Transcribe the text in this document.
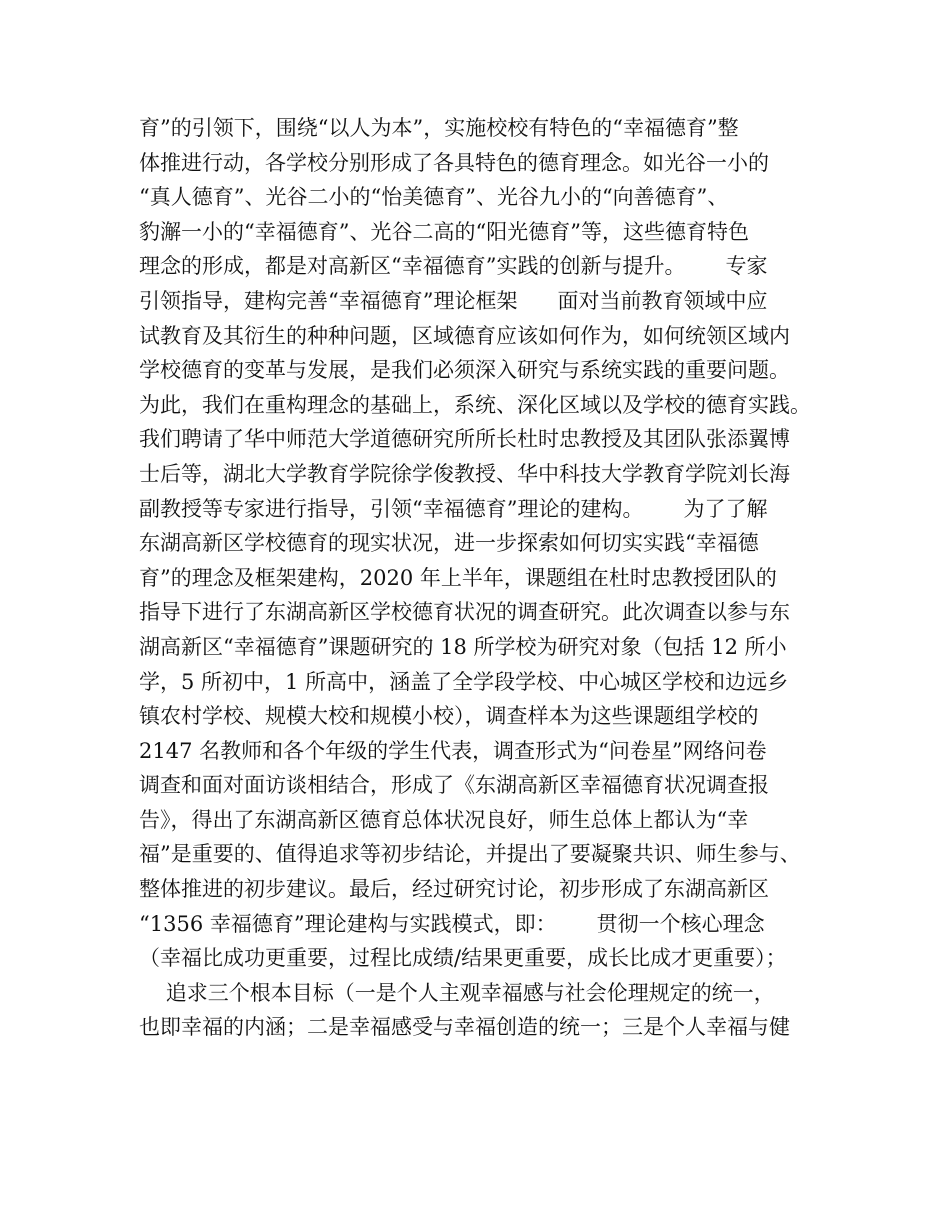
育”的引领下，围绕“以人为本”，实施校校有特色的“幸福德育”整
体推进行动，各学校分别形成了各具特色的德育理念。如光谷一小的
“真人德育”、光谷二小的“怡美德育”、光谷九小的“向善德育”、
豹澥一小的“幸福德育”、光谷二高的“阳光德育”等，这些德育特色
理念的形成，都是对高新区“幸福德育”实践的创新与提升。      专家
引领指导，建构完善“幸福德育”理论框架      面对当前教育领域中应
试教育及其衍生的种种问题，区域德育应该如何作为，如何统领区域内
学校德育的变革与发展，是我们必须深入研究与系统实践的重要问题。
为此，我们在重构理念的基础上，系统、深化区域以及学校的德育实践。
我们聘请了华中师范大学道德研究所所长杜时忠教授及其团队张添翼博
士后等，湖北大学教育学院徐学俊教授、华中科技大学教育学院刘长海
副教授等专家进行指导，引领“幸福德育”理论的建构。      为了了解
东湖高新区学校德育的现实状况，进一步探索如何切实实践“幸福德
育”的理念及框架建构，2020 年上半年，课题组在杜时忠教授团队的
指导下进行了东湖高新区学校德育状况的调查研究。此次调查以参与东
湖高新区“幸福德育”课题研究的 18 所学校为研究对象（包括 12 所小
学，5 所初中，1 所高中，涵盖了全学段学校、中心城区学校和边远乡
镇农村学校、规模大校和规模小校），调查样本为这些课题组学校的
2147 名教师和各个年级的学生代表，调查形式为“问卷星”网络问卷
调查和面对面访谈相结合，形成了《东湖高新区幸福德育状况调查报
告》，得出了东湖高新区德育总体状况良好，师生总体上都认为“幸
福”是重要的、值得追求等初步结论，并提出了要凝聚共识、师生参与、
整体推进的初步建议。最后，经过研究讨论，初步形成了东湖高新区
“1356 幸福德育”理论建构与实践模式，即：      贯彻一个核心理念
（幸福比成功更重要，过程比成绩/结果更重要，成长比成才更重要）；
追求三个根本目标（一是个人主观幸福感与社会伦理规定的统一，
也即幸福的内涵；二是幸福感受与幸福创造的统一；三是个人幸福与健
